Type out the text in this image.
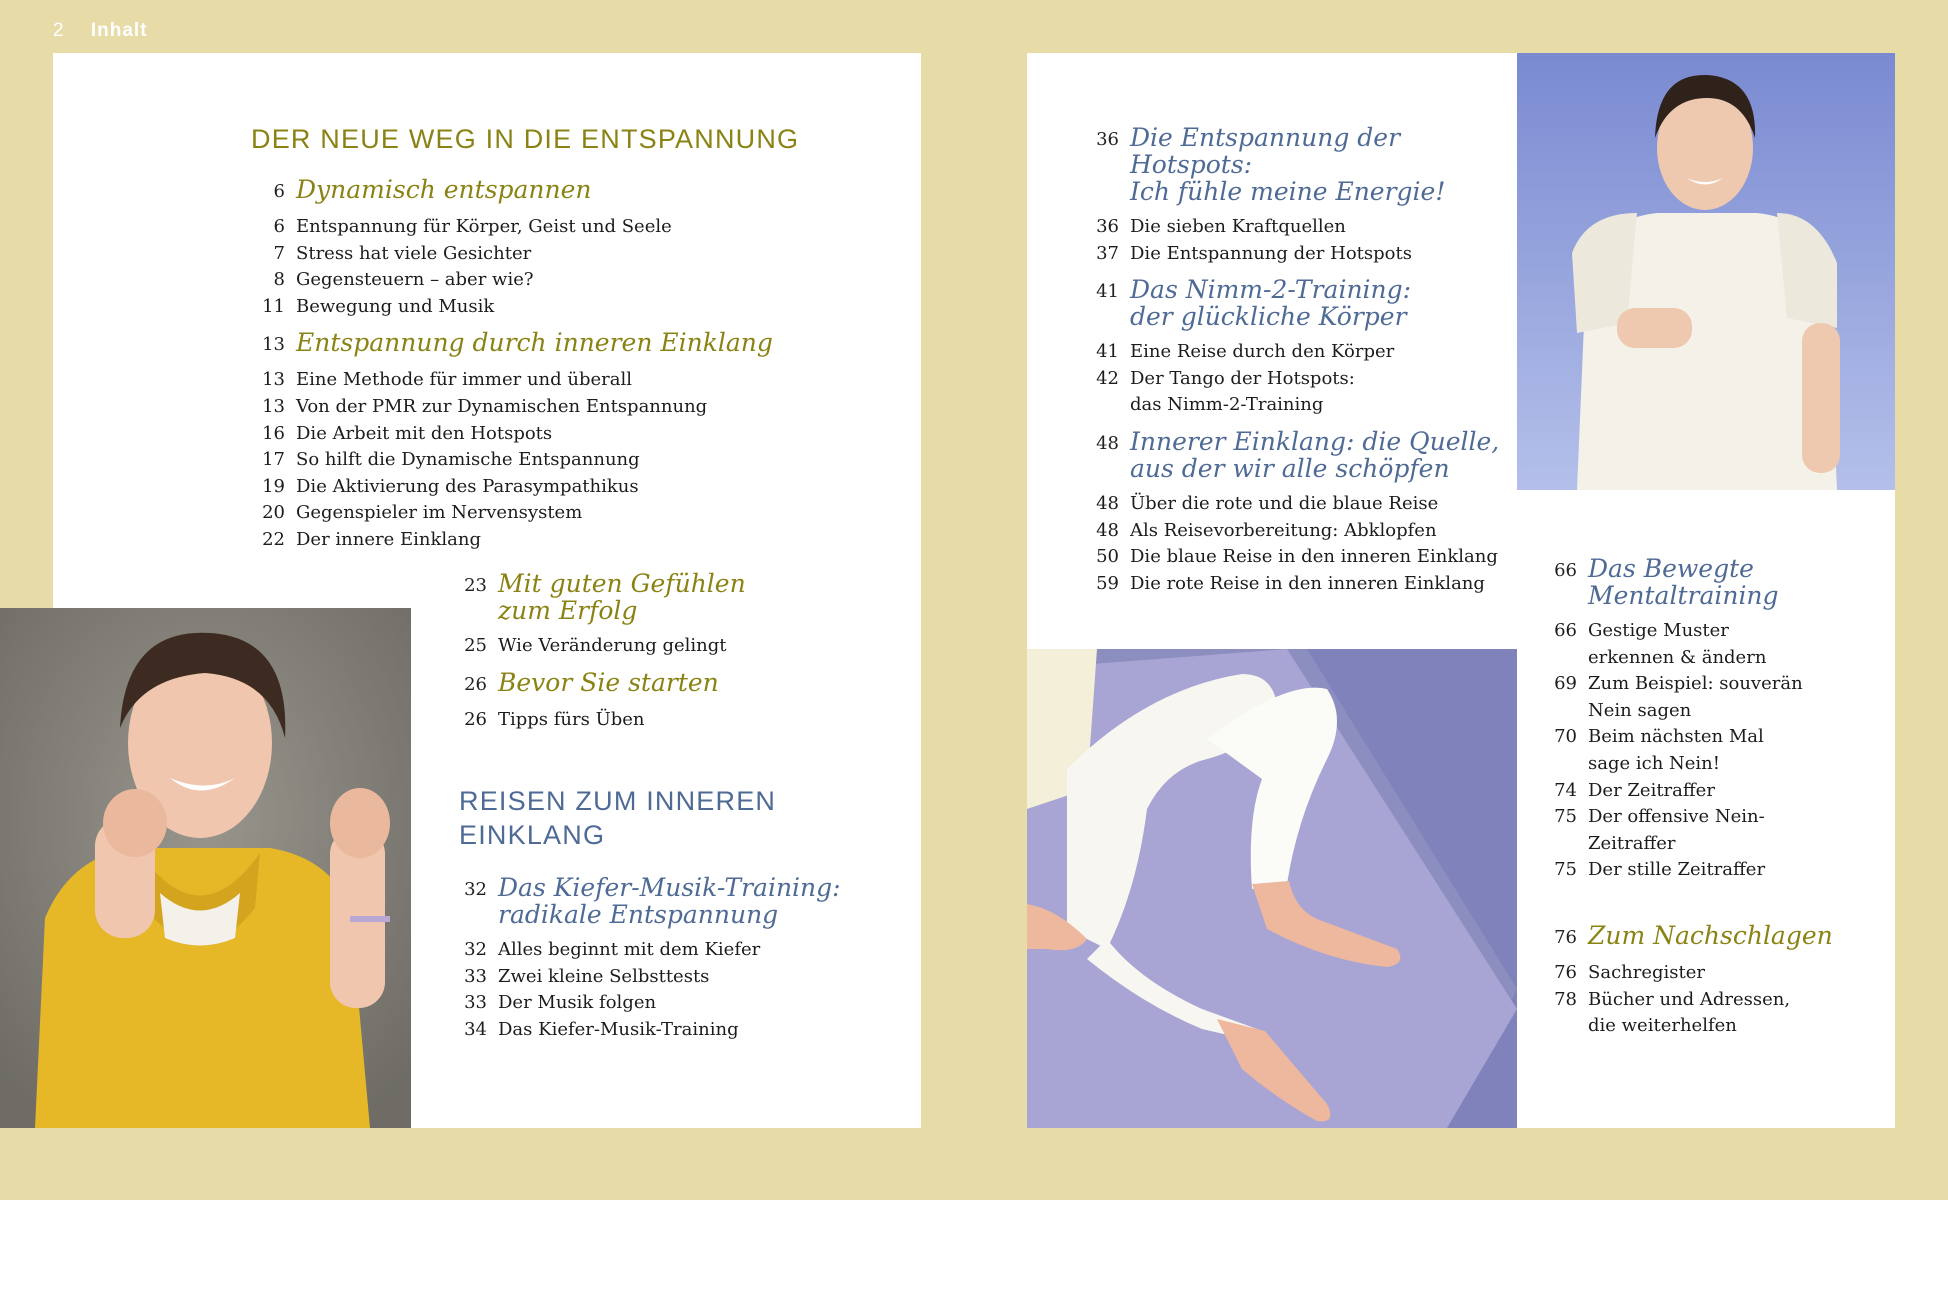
2 Inhalt
DER NEUE WEG IN DIE ENTSPANNUNG
6 Dynamisch entspannen
6 Entspannung für Körper, Geist und Seele
7 Stress hat viele Gesichter
8 Gegensteuern – aber wie?
11 Bewegung und Musik
13 Entspannung durch inneren Einklang
13 Eine Methode für immer und überall
13 Von der PMR zur Dynamischen Entspannung
16 Die Arbeit mit den Hotspots
17 So hilft die Dynamische Entspannung
19 Die Aktivierung des Parasympathikus
20 Gegenspieler im Nervensystem
22 Der innere Einklang
23 Mit guten Gefühlen
zum Erfolg
25 Wie Veränderung gelingt
26 Bevor Sie starten
26 Tipps fürs Üben
REISEN ZUM INNEREN
EINKLANG
32 Das Kiefer-Musik-Training:
radikale Entspannung
32 Alles beginnt mit dem Kiefer
33 Zwei kleine Selbsttests
33 Der Musik folgen
34 Das Kiefer-Musik-Training
36 Die Entspannung der Hotspots:
Ich fühle meine Energie!
36 Die sieben Kraftquellen
37 Die Entspannung der Hotspots
41 Das Nimm-2-Training:
der glückliche Körper
41 Eine Reise durch den Körper
42 Der Tango der Hotspots:
das Nimm-2-Training
48 Innerer Einklang: die Quelle,
aus der wir alle schöpfen
48 Über die rote und die blaue Reise
48 Als Reisevorbereitung: Abklopfen
50 Die blaue Reise in den inneren Einklang
59 Die rote Reise in den inneren Einklang
66 Das Bewegte
Mentaltraining
66 Gestige Muster
erkennen & ändern
69 Zum Beispiel: souverän
Nein sagen
70 Beim nächsten Mal
sage ich Nein!
74 Der Zeitraffer
75 Der offensive Nein-
Zeitraffer
75 Der stille Zeitraffer
76 Zum Nachschlagen
76 Sachregister
78 Bücher und Adressen,
die weiterhelfen
